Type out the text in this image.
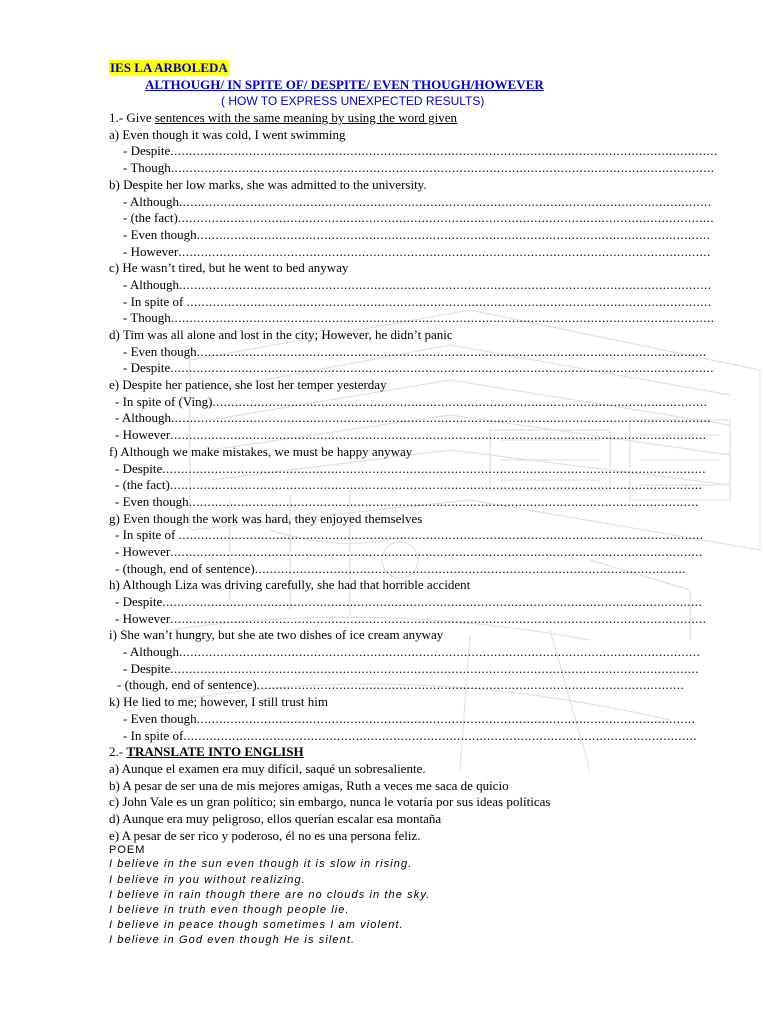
IES LA ARBOLEDA
ALTHOUGH/ IN SPITE OF/ DESPITE/ EVEN THOUGH/HOWEVER
( HOW TO EXPRESS UNEXPECTED RESULTS)
1.- Give sentences with the same meaning by using the word given
a) Even though it was cold, I went swimming
- Despite..................................................................................................................................................
- Though.................................................................................................................................................
b) Despite her low marks, she was admitted to the university.
- Although..............................................................................................................................................
- (the fact)...............................................................................................................................................
- Even though.........................................................................................................................................
- However..............................................................................................................................................
c) He wasn’t tired, but he went to bed anyway
- Although..............................................................................................................................................
- In spite of ............................................................................................................................................
- Though.................................................................................................................................................
d) Tim was all alone and lost in the city; However, he didn’t panic
- Even though........................................................................................................................................
- Despite.................................................................................................................................................
e) Despite her patience, she lost her temper yesterday
- In spite of (Ving)....................................................................................................................................
- Although................................................................................................................................................
- However...............................................................................................................................................
f) Although we make mistakes, we must be happy anyway
- Despite.................................................................................................................................................
- (the fact)..............................................................................................................................................
- Even though........................................................................................................................................
g) Even though the work was hard, they enjoyed themselves
- In spite of ............................................................................................................................................
- However..............................................................................................................................................
- (though, end of sentence)...................................................................................................................
h) Although Liza was driving carefully, she had that horrible accident
- Despite................................................................................................................................................
- However...............................................................................................................................................
i) She wan’t hungry, but she ate two dishes of ice cream anyway
- Although...........................................................................................................................................
- Despite.............................................................................................................................................
- (though, end of sentence)..................................................................................................................
k) He lied to me; however, I still trust him
- Even though.....................................................................................................................................
- In spite of.........................................................................................................................................
2.- TRANSLATE INTO ENGLISH
a) Aunque el examen era muy difícil, saqué un sobresaliente.
b) A pesar de ser una de mis mejores amigas, Ruth a veces me saca de quicio
c) John Vale es un gran político; sin embargo, nunca le votaría por sus ideas políticas
d) Aunque era muy peligroso, ellos querían escalar esa montaña
e) A pesar de ser rico y poderoso, él no es una persona feliz.
POEM
I believe in the sun even though it is slow in rising.
I believe in you without realizing.
I believe in rain though there are no clouds in the sky.
I believe in truth even though people lie.
I believe in peace though sometimes I am violent.
I believe in God even though He is silent.
